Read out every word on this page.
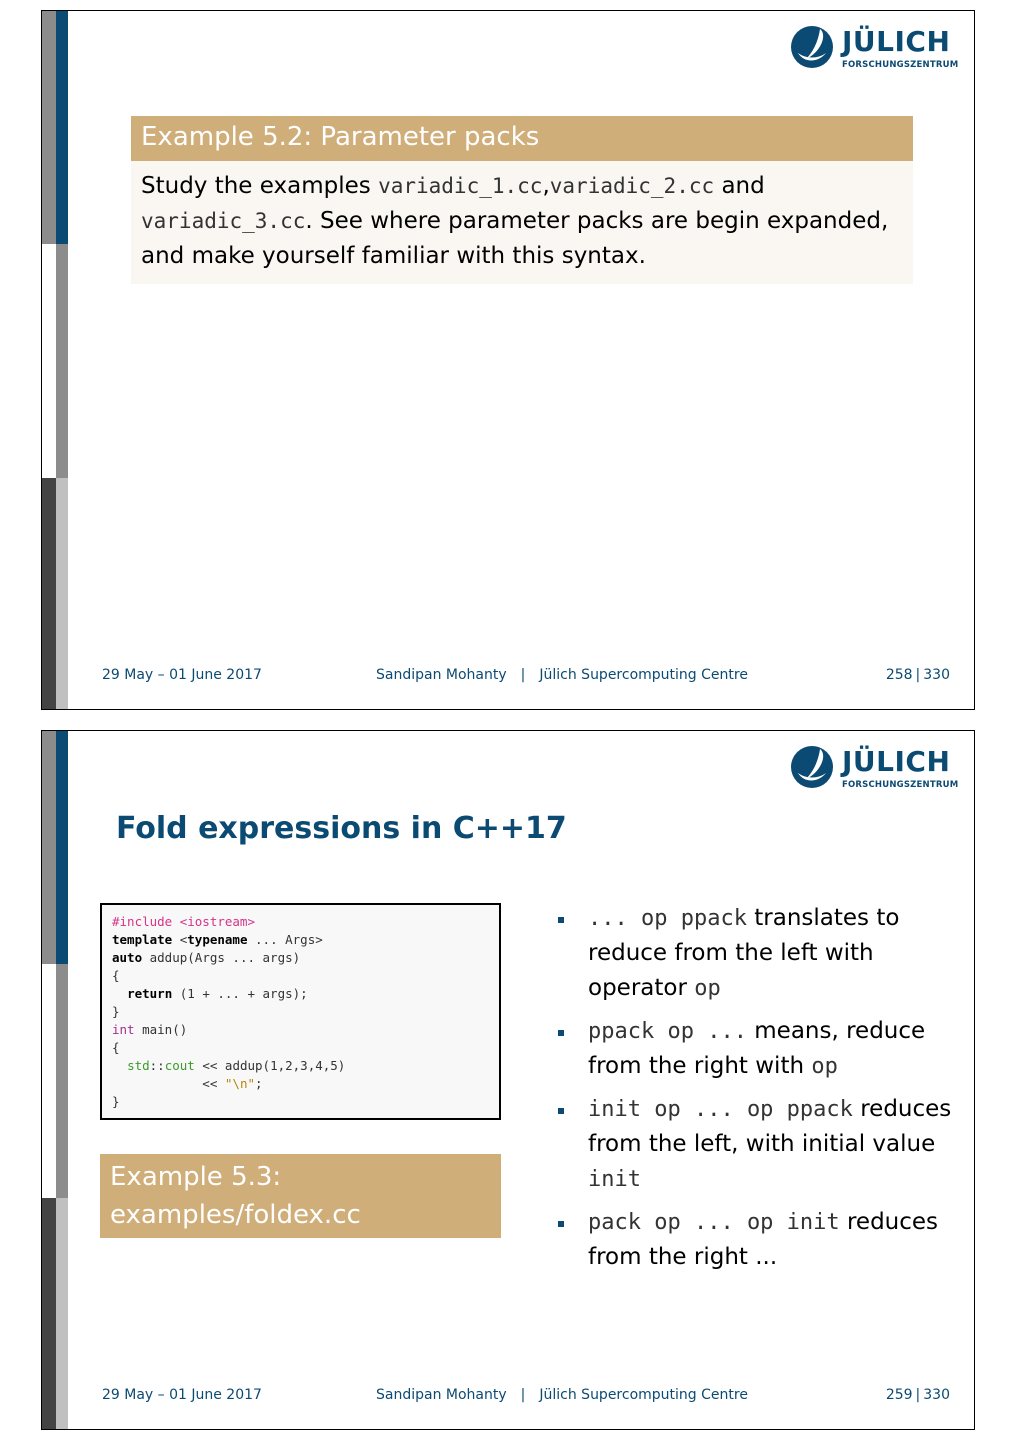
JÜLICH
FORSCHUNGSZENTRUM
Example 5.2: Parameter packs
Study the examples variadic_1.cc,variadic_2.cc and variadic_3.cc. See where parameter packs are begin expanded, and make yourself familiar with this syntax.
29 May – 01 June 2017	Sandipan Mohanty | Jülich Supercomputing Centre	258 | 330
JÜLICH
FORSCHUNGSZENTRUM
Fold expressions in C++17
#include <iostream>
template <typename ... Args>
auto addup(Args ... args)
{
return (1 + ... + args);
}
int main()
{
std::cout << addup(1,2,3,4,5)
<< "\n";
}
Example 5.3: examples/foldex.cc
... op ppack translates to reduce from the left with operator op
ppack op ... means, reduce from the right with op
init op ... op ppack reduces from the left, with initial value init
pack op ... op init reduces from the right ...
29 May – 01 June 2017	Sandipan Mohanty | Jülich Supercomputing Centre	259 | 330
